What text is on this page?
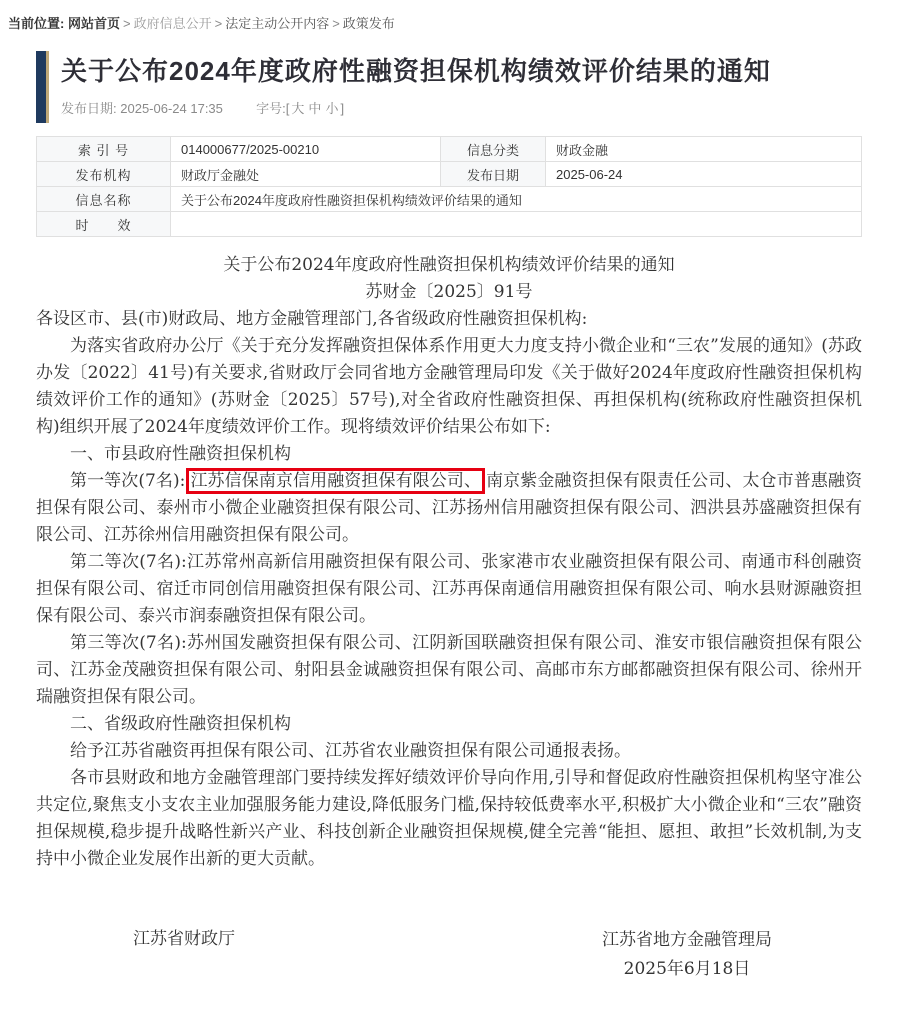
当前位置: 网站首页 > 政府信息公开 > 法定主动公开内容 > 政策发布
关于公布2024年度政府性融资担保机构绩效评价结果的通知
发布日期: 2025-06-24 17:35	字号:[ 大 中 小 ]
索 引 号	014000677/2025-00210	信息分类	财政金融
发布机构	财政厅金融处	发布日期	2025-06-24
信息名称	关于公布2024年度政府性融资担保机构绩效评价结果的通知		
时　　效			

关于公布2024年度政府性融资担保机构绩效评价结果的通知

苏财金〔2025〕91号

各设区市、县(市)财政局、地方金融管理部门,各省级政府性融资担保机构:

为落实省政府办公厅《关于充分发挥融资担保体系作用更大力度支持小微企业和“三农”发展的通知》(苏政办发〔2022〕41号)有关要求,省财政厅会同省地方金融管理局印发《关于做好2024年度政府性融资担保机构绩效评价工作的通知》(苏财金〔2025〕57号),对全省政府性融资担保、再担保机构(统称政府性融资担保机构)组织开展了2024年度绩效评价工作。现将绩效评价结果公布如下:

一、市县政府性融资担保机构

第一等次(7名): 江苏信保南京信用融资担保有限公司、 南京紫金融资担保有限责任公司、太仓市普惠融资担保有限公司、泰州市小微企业融资担保有限公司、江苏扬州信用融资担保有限公司、泗洪县苏盛融资担保有限公司、江苏徐州信用融资担保有限公司。

第二等次(7名):江苏常州高新信用融资担保有限公司、张家港市农业融资担保有限公司、南通市科创融资担保有限公司、宿迁市同创信用融资担保有限公司、江苏再保南通信用融资担保有限公司、响水县财源融资担保有限公司、泰兴市润泰融资担保有限公司。

第三等次(7名):苏州国发融资担保有限公司、江阴新国联融资担保有限公司、淮安市银信融资担保有限公司、江苏金茂融资担保有限公司、射阳县金诚融资担保有限公司、高邮市东方邮都融资担保有限公司、徐州开瑞融资担保有限公司。

二、省级政府性融资担保机构

给予江苏省融资再担保有限公司、江苏省农业融资担保有限公司通报表扬。

各市县财政和地方金融管理部门要持续发挥好绩效评价导向作用,引导和督促政府性融资担保机构坚守准公共定位,聚焦支小支农主业加强服务能力建设,降低服务门槛,保持较低费率水平,积极扩大小微企业和“三农”融资担保规模,稳步提升战略性新兴产业、科技创新企业融资担保规模,健全完善“能担、愿担、敢担”长效机制,为支持中小微企业发展作出新的更大贡献。

江苏省财政厅	江苏省地方金融管理局
2025年6月18日
